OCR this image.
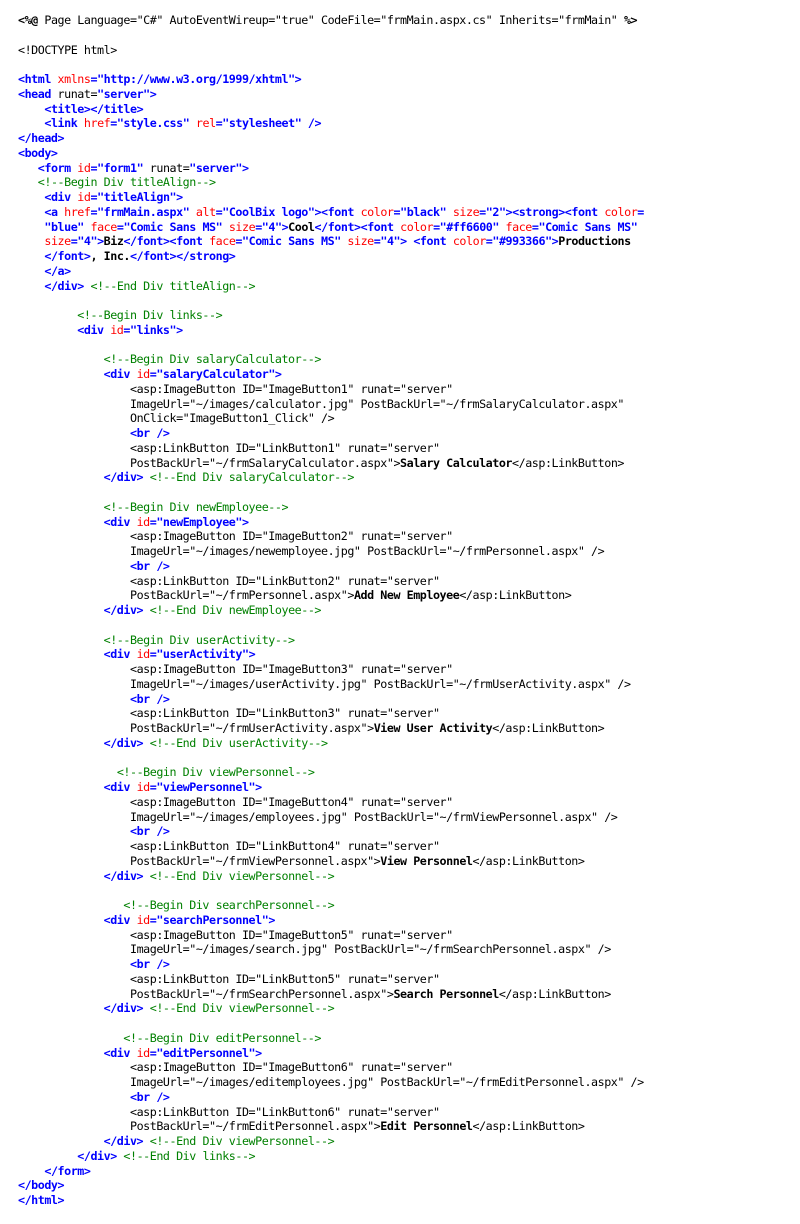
<%@ Page Language="C#" AutoEventWireup="true" CodeFile="frmMain.aspx.cs" Inherits="frmMain" %>

<!DOCTYPE html>

<html xmlns="http://www.w3.org/1999/xhtml">
<head runat="server">
<title></title>
<link href="style.css" rel="stylesheet" />
</head>
<body>
<form id="form1" runat="server">
<!--Begin Div titleAlign-->
<div id="titleAlign">
<a href="frmMain.aspx" alt="CoolBix logo"><font color="black" size="2"><strong><font color=
"blue" face="Comic Sans MS" size="4">Cool</font><font color="#ff6600" face="Comic Sans MS"
size="4">Biz</font><font face="Comic Sans MS" size="4"> <font color="#993366">Productions
</font>, Inc.</font></strong>
</a>
</div> <!--End Div titleAlign-->

<!--Begin Div links-->
<div id="links">

<!--Begin Div salaryCalculator-->
<div id="salaryCalculator">
<asp:ImageButton ID="ImageButton1" runat="server"
ImageUrl="~/images/calculator.jpg" PostBackUrl="~/frmSalaryCalculator.aspx"
OnClick="ImageButton1_Click" />
<br />
<asp:LinkButton ID="LinkButton1" runat="server"
PostBackUrl="~/frmSalaryCalculator.aspx">Salary Calculator</asp:LinkButton>
</div> <!--End Div salaryCalculator-->

<!--Begin Div newEmployee-->
<div id="newEmployee">
<asp:ImageButton ID="ImageButton2" runat="server"
ImageUrl="~/images/newemployee.jpg" PostBackUrl="~/frmPersonnel.aspx" />
<br />
<asp:LinkButton ID="LinkButton2" runat="server"
PostBackUrl="~/frmPersonnel.aspx">Add New Employee</asp:LinkButton>
</div> <!--End Div newEmployee-->

<!--Begin Div userActivity-->
<div id="userActivity">
<asp:ImageButton ID="ImageButton3" runat="server"
ImageUrl="~/images/userActivity.jpg" PostBackUrl="~/frmUserActivity.aspx" />
<br />
<asp:LinkButton ID="LinkButton3" runat="server"
PostBackUrl="~/frmUserActivity.aspx">View User Activity</asp:LinkButton>
</div> <!--End Div userActivity-->

<!--Begin Div viewPersonnel-->
<div id="viewPersonnel">
<asp:ImageButton ID="ImageButton4" runat="server"
ImageUrl="~/images/employees.jpg" PostBackUrl="~/frmViewPersonnel.aspx" />
<br />
<asp:LinkButton ID="LinkButton4" runat="server"
PostBackUrl="~/frmViewPersonnel.aspx">View Personnel</asp:LinkButton>
</div> <!--End Div viewPersonnel-->

<!--Begin Div searchPersonnel-->
<div id="searchPersonnel">
<asp:ImageButton ID="ImageButton5" runat="server"
ImageUrl="~/images/search.jpg" PostBackUrl="~/frmSearchPersonnel.aspx" />
<br />
<asp:LinkButton ID="LinkButton5" runat="server"
PostBackUrl="~/frmSearchPersonnel.aspx">Search Personnel</asp:LinkButton>
</div> <!--End Div viewPersonnel-->

<!--Begin Div editPersonnel-->
<div id="editPersonnel">
<asp:ImageButton ID="ImageButton6" runat="server"
ImageUrl="~/images/editemployees.jpg" PostBackUrl="~/frmEditPersonnel.aspx" />
<br />
<asp:LinkButton ID="LinkButton6" runat="server"
PostBackUrl="~/frmEditPersonnel.aspx">Edit Personnel</asp:LinkButton>
</div> <!--End Div viewPersonnel-->
</div> <!--End Div links-->
</form>
</body>
</html>
